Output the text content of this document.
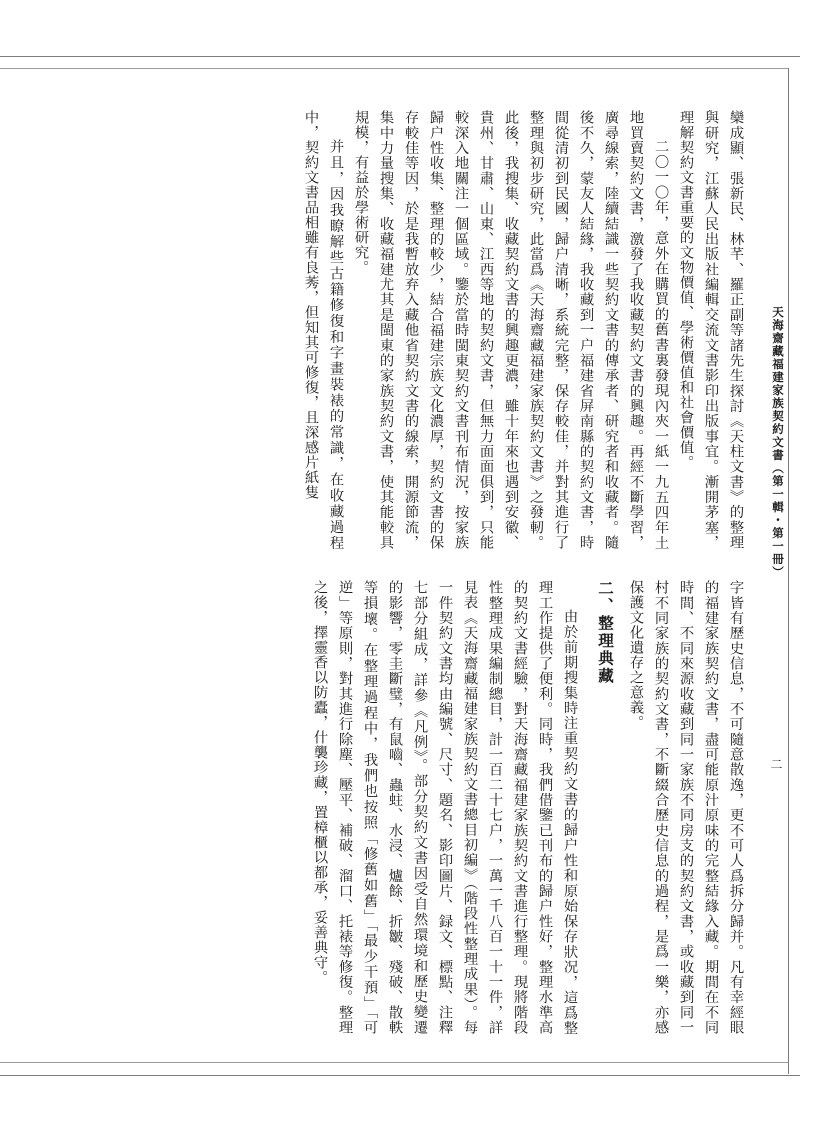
天海齋藏福建家族契約文書（第一輯・第一冊）
二

欒成顯、張新民、林芊、羅正副等諸先生探討《天柱文書》的整理與研究，江蘇人民出版社編輯交流文書影印出版事宜。漸開茅塞，理解契約文書重要的文物價值、學術價值和社會價值。

二〇一〇年，意外在購買的舊書裏發現內夾一紙一九五四年土地買賣契約文書，激發了我收藏契約文書的興趣。再經不斷學習，廣尋線索，陸續結識一些契約文書的傳承者、研究者和收藏者。隨後不久，蒙友人結緣，我收藏到一户福建省屏南縣的契約文書，時間從清初到民國，歸户清晰，系統完整，保存較佳，并對其進行了整理與初步研究，此當爲《天海齋藏福建家族契約文書》之發軔。此後，我搜集、收藏契約文書的興趣更濃，雖十年來也遇到安徽、貴州、甘肅、山東、江西等地的契約文書，但無力面面俱到，只能較深入地關注一個區域。鑒於當時閩東契約文書刊布情況，按家族歸户性收集、整理的較少，結合福建宗族文化濃厚，契約文書的保存較佳等因，於是我暫放弃入藏他省契約文書的線索，開源節流，集中力量搜集、收藏福建尤其是閩東的家族契約文書，使其能較具規模，有益於學術研究。

并且，因我瞭解些古籍修復和字畫裝裱的常識，在收藏過程中，契約文書品相雖有良莠，但知其可修復，且深感片紙隻

字皆有歷史信息，不可隨意散逸，更不可人爲拆分歸并。凡有幸經眼的福建家族契約文書，盡可能原汁原味的完整結緣入藏。期間在不同時間、不同來源收藏到同一家族不同房支的契約文書，或收藏到同一村不同家族的契約文書，不斷綴合歷史信息的過程，是爲一樂，亦感保護文化遺存之意義。

二、整理典藏

由於前期搜集時注重契約文書的歸户性和原始保存狀况，這爲整理工作提供了便利。同時，我們借鑒已刊布的歸户性好，整理水準高的契約文書經驗，對天海齋藏福建家族契約文書進行整理。現將階段性整理成果編制總目，計一百二十七户，一萬一千八百一十一件，詳見表《天海齋藏福建家族契約文書總目初編》（階段性整理成果）。每一件契約文書均由編號、尺寸、題名、影印圖片、録文、標點、注釋七部分組成，詳參《凡例》。部分契約文書因受自然環境和歷史變遷的影響，零圭斷璧，有鼠嚙、蟲蛀、水浸、爐餘、折皺、殘破、散軼等損壞。在整理過程中，我們也按照「修舊如舊」「最少干預」「可逆」等原則，對其進行除塵、壓平、補破、溜口、托裱等修復。整理之後，擇靈香以防蠹，什襲珍藏，置樟櫃以都承，妥善典守。
